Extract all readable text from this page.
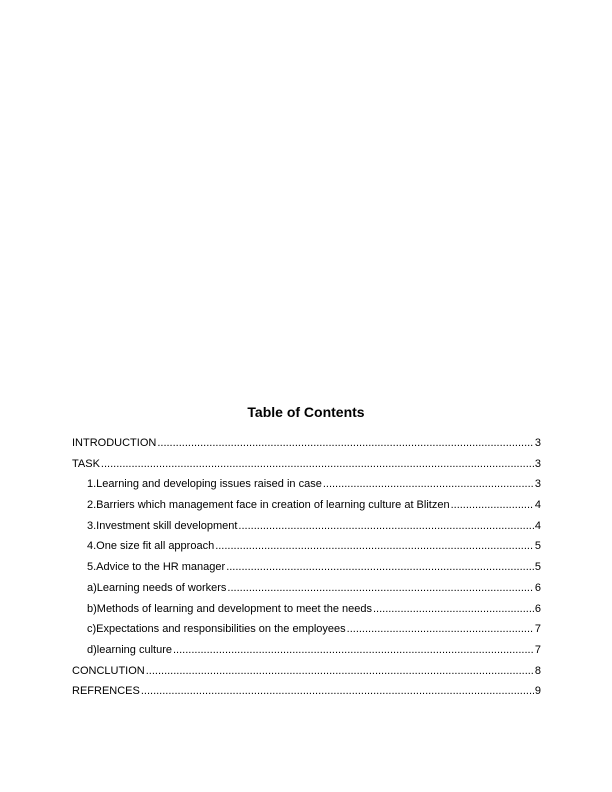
Table of Contents
INTRODUCTION .....	3
TASK .....	3
1.Learning and developing issues raised in case .....	3
2.Barriers which management face in creation of learning culture at Blitzen .....	4
3.Investment skill development .....	4
4.One size fit all approach .....	5
5.Advice to the HR manager .....	5
a)Learning needs of workers .....	6
b)Methods of learning and development to meet the needs .....	6
c)Expectations and responsibilities on the employees .....	7
d)learning culture .....	7
CONCLUTION .....	8
REFRENCES .....	9
